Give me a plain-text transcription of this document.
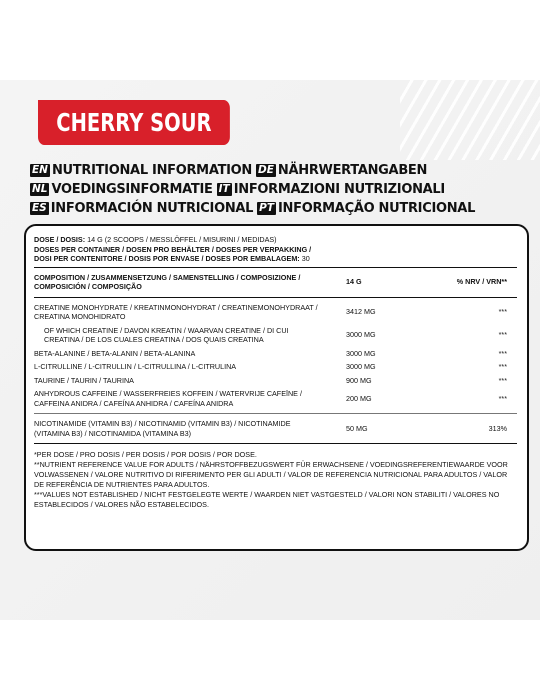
CHERRY SOUR
EN NUTRITIONAL INFORMATION DE NÄHRWERTANGABEN
NL VOEDINGSINFORMATIE IT INFORMAZIONI NUTRIZIONALI
ES INFORMACIÓN NUTRICIONAL PT INFORMAÇÃO NUTRICIONAL
DOSE / DOSIS: 14 G (2 SCOOPS / MESSLÖFFEL / MISURINI / MEDIDAS)
DOSES PER CONTAINER / DOSEN PRO BEHÄLTER / DOSES PER VERPAKKING /
DOSI PER CONTENITORE / DOSIS POR ENVASE / DOSES POR EMBALAGEM: 30
COMPOSITION / ZUSAMMENSETZUNG / SAMENSTELLING / COMPOSIZIONE / COMPOSICIÓN / COMPOSIÇÃO
14 G	% NRV / VRN**
CREATINE MONOHYDRATE / KREATINMONOHYDRAT / CREATINEMONOHYDRAAT / CREATINA MONOHIDRATO
3412 MG	***
OF WHICH CREATINE / DAVON KREATIN / WAARVAN CREATINE / DI CUI CREATINA / DE LOS CUALES CREATINA / DOS QUAIS CREATINA
3000 MG	***
BETA-ALANINE / BETA-ALANIN / BETA-ALANINA	3000 MG	***
L-CITRULLINE / L-CITRULLIN / L-CITRULLINA / L-CITRULINA	3000 MG	***
TAURINE / TAURIN / TAURINA	900 MG	***
ANHYDROUS CAFFEINE / WASSERFREIES KOFFEIN / WATERVRIJE CAFEÏNE / CAFFEINA ANIDRA / CAFEÍNA ANHIDRA / CAFEÍNA ANIDRA
200 MG	***
NICOTINAMIDE (VITAMIN B3) / NICOTINAMID (VITAMIN B3) / NICOTINAMIDE (VITAMINA B3) / NICOTINAMIDA (VITAMINA B3)
50 MG	313%
*PER DOSE / PRO DOSIS / PER DOSIS / POR DOSIS / POR DOSE.
**NUTRIENT REFERENCE VALUE FOR ADULTS / NÄHRSTOFFBEZUGSWERT FÜR ERWACHSENE / VOEDINGSREFERENTIEWAARDE VOOR VOLWASSENEN / VALORE NUTRITIVO DI RIFERIMENTO PER GLI ADULTI / VALOR DE REFERENCIA NUTRICIONAL PARA ADULTOS / VALOR DE REFERÊNCIA DE NUTRIENTES PARA ADULTOS.
***VALUES NOT ESTABLISHED / NICHT FESTGELEGTE WERTE / WAARDEN NIET VASTGESTELD / VALORI NON STABILITI / VALORES NO ESTABLECIDOS / VALORES NÃO ESTABELECIDOS.
